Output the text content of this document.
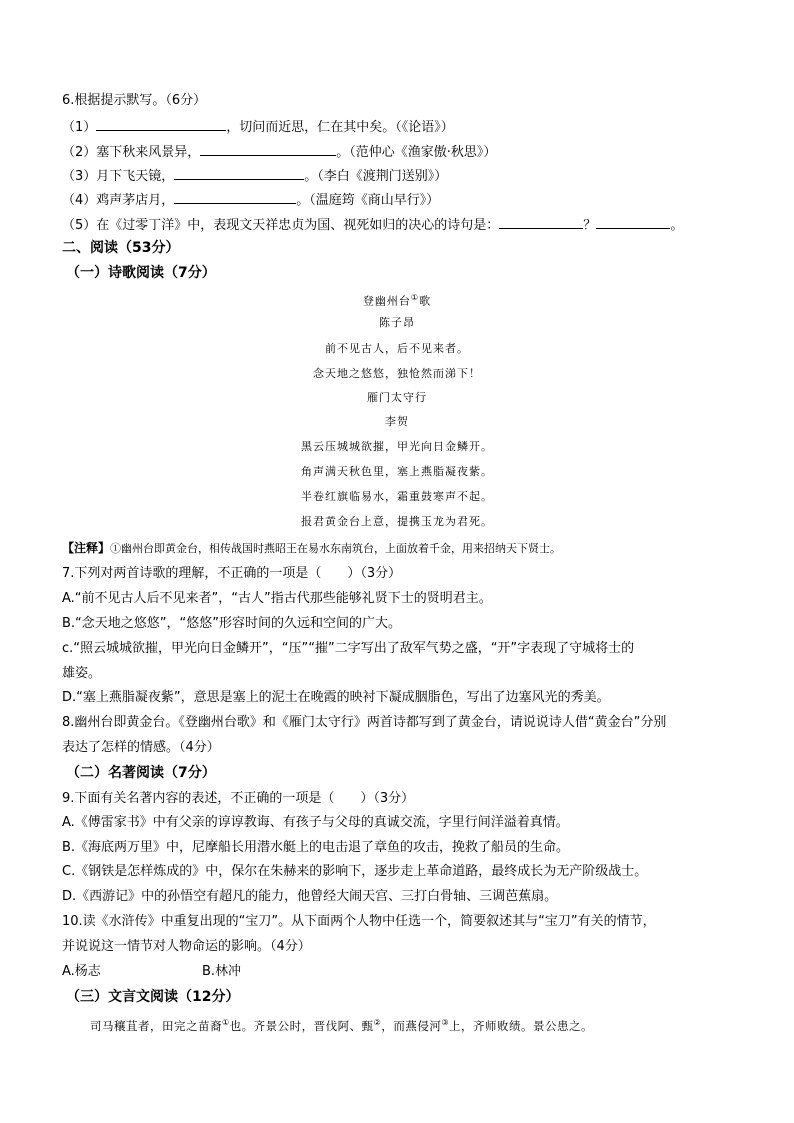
6.根据提示默写。（6分）
（1）	，切问而近思，仁在其中矣。（《论语》）
（2）塞下秋来风景异，	。（范仲心《渔家傲·秋思》）
（3）月下飞天镜，	。（李白《渡荆门送别》）
（4）鸡声茅店月，	。（温庭筠《商山早行》）
（5）在《过零丁洋》中，表现文天祥忠贞为国、视死如归的决心的诗句是：	？	。
二、阅读（53分）
（一）诗歌阅读（7分）
登幽州台①歌
陈子昂
前不见古人，后不见来者。
念天地之悠悠，独怆然而涕下！
雁门太守行
李贺
黑云压城城欲摧，甲光向日金鳞开。
角声满天秋色里，塞上燕脂凝夜紫。
半卷红旗临易水，霜重鼓寒声不起。
报君黄金台上意，提携玉龙为君死。
【注释】①幽州台即黄金台，相传战国时燕昭王在易水东南筑台，上面放着千金，用来招纳天下贤士。
7.下列对两首诗歌的理解，不正确的一项是（　　）（3分）
A.“前不见古人后不见来者”，“古人”指古代那些能够礼贤下士的贤明君主。
B.“念天地之悠悠”，“悠悠”形容时间的久远和空间的广大。
c.“照云城城欲摧，甲光向日金鳞开”，“压”“摧”二字写出了敌军气势之盛，“开”字表现了守城将士的
雄姿。
D.“塞上燕脂凝夜紫”，意思是塞上的泥土在晚霞的映衬下凝成胭脂色，写出了边塞风光的秀美。
8.幽州台即黄金台。《登幽州台歌》和《雁门太守行》两首诗都写到了黄金台，请说说诗人借“黄金台”分别
表达了怎样的情感。（4分）
（二）名著阅读（7分）
9.下面有关名著内容的表述，不正确的一项是（　　）（3分）
A.《傅雷家书》中有父亲的谆谆教诲、有孩子与父母的真诚交流，字里行间洋溢着真情。
B.《海底两万里》中，尼摩船长用潜水艇上的电击退了章鱼的攻击，挽救了船员的生命。
C.《钢铁是怎样炼成的》中，保尔在朱赫来的影响下，逐步走上革命道路，最终成长为无产阶级战士。
D.《西游记》中的孙悟空有超凡的能力，他曾经大闹天宫、三打白骨轴、三调芭蕉扇。
10.读《水浒传》中重复出现的“宝刀”。从下面两个人物中任选一个，简要叙述其与“宝刀”有关的情节，
并说说这一情节对人物命运的影响。（4分）
A.杨志	B.林冲
（三）文言文阅读（12分）
司马穰苴者，田完之苗裔①也。齐景公时，晋伐阿、甄②，而燕侵河③上，齐师败绩。景公患之。
